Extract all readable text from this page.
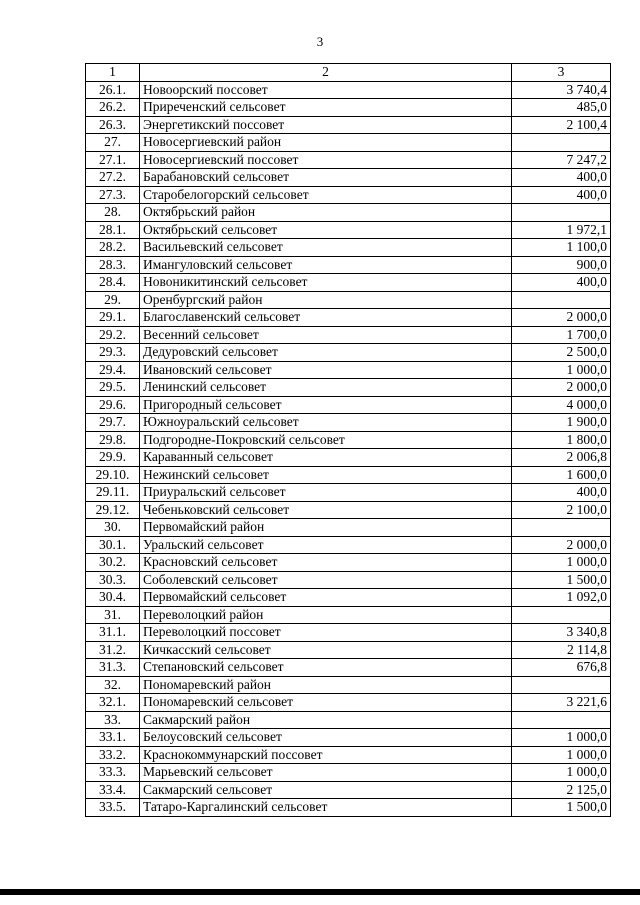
3
1	2	3
26.1.	Новоорский поссовет	3 740,4
26.2.	Приреченский сельсовет	485,0
26.3.	Энергетикский поссовет	2 100,4
27.	Новосергиевский район	
27.1.	Новосергиевский поссовет	7 247,2
27.2.	Барабановский сельсовет	400,0
27.3.	Старобелогорский сельсовет	400,0
28.	Октябрьский район	
28.1.	Октябрьский сельсовет	1 972,1
28.2.	Васильевский сельсовет	1 100,0
28.3.	Имангуловский сельсовет	900,0
28.4.	Новоникитинский сельсовет	400,0
29.	Оренбургский район	
29.1.	Благославенский сельсовет	2 000,0
29.2.	Весенний сельсовет	1 700,0
29.3.	Дедуровский сельсовет	2 500,0
29.4.	Ивановский сельсовет	1 000,0
29.5.	Ленинский сельсовет	2 000,0
29.6.	Пригородный сельсовет	4 000,0
29.7.	Южноуральский сельсовет	1 900,0
29.8.	Подгородне-Покровский сельсовет	1 800,0
29.9.	Караванный сельсовет	2 006,8
29.10.	Нежинский сельсовет	1 600,0
29.11.	Приуральский сельсовет	400,0
29.12.	Чебеньковский сельсовет	2 100,0
30.	Первомайский район	
30.1.	Уральский сельсовет	2 000,0
30.2.	Красновский сельсовет	1 000,0
30.3.	Соболевский сельсовет	1 500,0
30.4.	Первомайский сельсовет	1 092,0
31.	Переволоцкий район	
31.1.	Переволоцкий поссовет	3 340,8
31.2.	Кичкасский сельсовет	2 114,8
31.3.	Степановский сельсовет	676,8
32.	Пономаревский район	
32.1.	Пономаревский сельсовет	3 221,6
33.	Сакмарский район	
33.1.	Белоусовский сельсовет	1 000,0
33.2.	Краснокоммунарский поссовет	1 000,0
33.3.	Марьевский сельсовет	1 000,0
33.4.	Сакмарский сельсовет	2 125,0
33.5.	Татаро-Каргалинский сельсовет	1 500,0
